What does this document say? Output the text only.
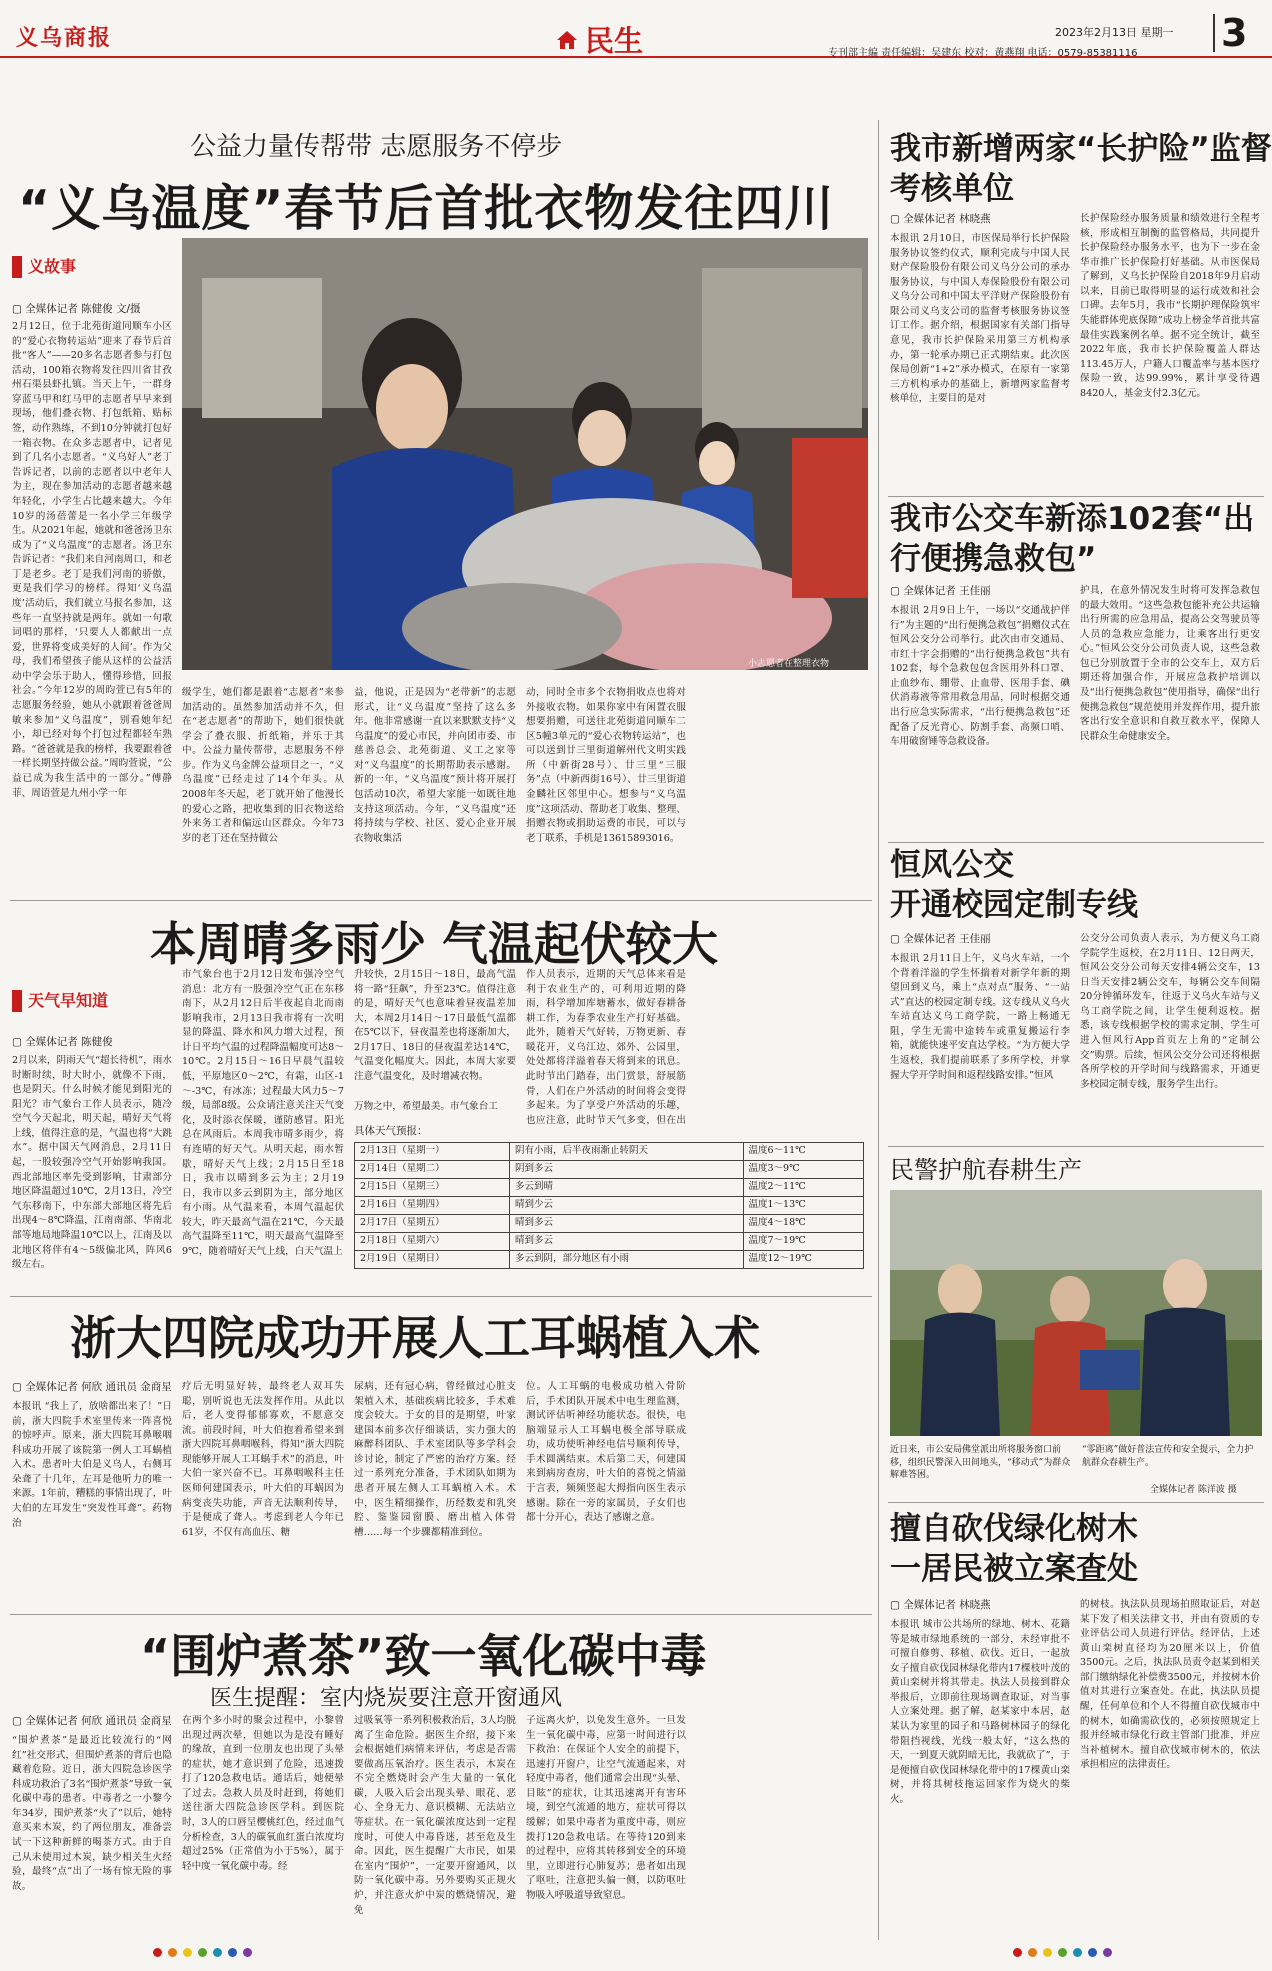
义乌商报	民生	2023年2月13日 星期一 3
专刊部主编 责任编辑：吴建东 校对：黄燕翔 电话：0579-85381116
公益力量传帮带 志愿服务不停步
“义乌温度”春节后首批衣物发往四川
义故事
▢ 全媒体记者 陈健俊 文/摄
2月12日，位于北苑街道同顺车小区的“爱心衣物转运站”迎来了春节后首批“客人”——20多名志愿者参与打包活动，100箱衣物将发往四川省甘孜州石渠县虾扎镇。当天上午，一群身穿蓝马甲和红马甲的志愿者早早来到现场，他们叠衣物、打包纸箱、贴标签，动作熟练，不到10分钟就打包好一箱衣物。在众多志愿者中，记者见到了几名小志愿者。“义乌好人”老丁告诉记者，以前的志愿者以中老年人为主，现在参加活动的志愿者越来越年轻化，小学生占比越来越大。今年10岁的汤蓓蕾是一名小学三年级学生。从2021年起，她就和爸爸汤卫东成为了“义乌温度”的志愿者。汤卫东告诉记者：“我们来自河南周口，和老丁是老乡。老丁是我们河南的骄傲，更是我们学习的榜样。得知‘义乌温度’活动后，我们就立马报名参加，这些年一直坚持就是两年。就如一句歌词唱的那样，‘只要人人都献出一点爱，世界将变成美好的人间’。作为父母，我们希望孩子能从这样的公益活动中学会乐于助人，懂得珍惜，回报社会。”今年12岁的周昀萱已有5年的志愿服务经验，她从小就跟着爸爸周敏来参加“义乌温度”，别看她年纪小，却已经对每个打包过程都轻车熟路。“爸爸就是我的榜样，我要跟着爸一样长期坚持做公益。”周昀萱说，“公益已成为我生活中的一部分。”傅静菲、周语萱是九州小学一年
小志愿者在整理衣物
级学生，她们都是跟着“志愿者”来参加活动的。虽然参加活动并不久，但在“老志愿者”的帮助下，她们很快就学会了叠衣服、折纸箱，并乐于其中。公益力量传帮带，志愿服务不停步。作为义乌金牌公益项目之一，“义乌温度”已经走过了14个年头。从2008年冬天起，老丁就开始了他漫长的爱心之路，把收集到的旧衣物送给外来务工者和偏远山区群众。今年73岁的老丁还在坚持做公
益，他说，正是因为“老带新”的志愿形式，让“义乌温度”坚持了这么多年。他非常感谢一直以来默默支持“义乌温度”的爱心市民，并向团市委、市慈善总会、北苑街道、义工之家等对“义乌温度”的长期帮助表示感谢。新的一年，“义乌温度”预计将开展打包活动10次，希望大家能一如既往地支持这项活动。今年，“义乌温度”还将持续与学校、社区、爱心企业开展衣物收集活
动，同时全市多个衣物捐收点也将对外接收衣物。如果你家中有闲置衣服想要捐赠，可送往北苑街道同顺车二区5幢3单元的“爱心衣物转运站”，也可以送到廿三里街道解州代文明实践所（中新街28号）、廿三里“三服务”点（中新西街16号）、廿三里街道金麟社区邻里中心。想参与“义乌温度”这项活动、帮助老丁收集、整理、捐赠衣物或捐助运费的市民，可以与老丁联系，手机是13615893016。
本周晴多雨少 气温起伏较大
天气早知道
▢ 全媒体记者 陈健俊
2月以来，阴雨天气“超长待机”，雨水时断时续，时大时小，就像不下雨，也是阴天。什么时候才能见到阳光的阳光？市气象台工作人员表示，随冷空气今天起北，明天起，晴好天气将上线，值得注意的是，气温也将“大跳水”。据中国天气网消息，2月11日起，一股较强冷空气开始影响我国。西北部地区率先受到影响，甘肃部分地区降温超过10℃，2月13日，冷空气东移南下，中东部大部地区将先后出现4～8℃降温，江南南部、华南北部等地局地降温10℃以上，江南及以北地区将伴有4～5级偏北风，阵风6级左右。
市气象台也于2月12日发布强冷空气消息：北方有一股强冷空气正在东移南下，从2月12日后半夜起自北而南影响我市，2月13日我市将有一次明显的降温、降水和风力增大过程，预计日平均气温的过程降温幅度可达8～10℃。2月15日～16日早晨气温较低，平原地区0～2℃，有霜，山区-1～-3℃，有冰冻；过程最大风力5～7级，局部8级。公众请注意关注天气变化，及时添衣保暖，谨防感冒。阳光总在风雨后。本周我市晴多雨少，将有连晴的好天气。从明天起，雨水暂歇，晴好天气上线；2月15日至18日，我市以晴到多云为主；2月19日，我市以多云到阴为主，部分地区有小雨。从气温来看，本周气温起伏较大，昨天最高气温在21℃，今天最高气温降至11℃，明天最高气温降至9℃，随着晴好天气上线，白天气温上
升较快，2月15日～18日，最高气温将一路“狂飙”，升至23℃。值得注意的是，晴好天气也意味着昼夜温差加大，本周2月14日～17日最低气温都在5℃以下，昼夜温差也将逐渐加大，2月17日、18日的昼夜温差达14℃，气温变化幅度大。因此，本周大家要注意气温变化，及时增减衣物。
作人员表示，近期的天气总体来看是利于农业生产的，可利用近期的降雨，科学增加库塘蓄水，做好春耕备耕工作，为春季农业生产打好基础。此外，随着天气好转，万物更新、春暖花开，义乌江边、郊外、公园里，处处都将洋溢着春天将到来的讯息。此时节出门踏春，出门赏景，舒展筋骨，人们在户外活动的时间将会变得多起来。为了享受户外活动的乐趣，也应注意，此时节天气多变，但在出
万物之中，希望最美。市气象台工
具体天气预报：
2月13日（星期一）	阴有小雨，后半夜雨渐止转阴天	温度6～11℃
2月14日（星期二）	阴到多云	温度3～9℃
2月15日（星期三）	多云到晴	温度2～11℃
2月16日（星期四）	晴到少云	温度1～13℃
2月17日（星期五）	晴到多云	温度4～18℃
2月18日（星期六）	晴到多云	温度7～19℃
2月19日（星期日）	多云到阴，部分地区有小雨	温度12～19℃
浙大四院成功开展人工耳蜗植入术
▢ 全媒体记者 何欣 通讯员 金商星
本报讯 “我上了，放啥都出来了！”日前，浙大四院手术室里传来一阵喜悦的惊呼声。原来，浙大四院耳鼻喉咽科成功开展了该院第一例人工耳蜗植入术。患者叶大伯是义乌人，右侧耳朵聋了十几年，左耳是他听力的唯一来源。1年前，糟糕的事情出现了，叶大伯的左耳发生“突发性耳聋”。药物治
疗后无明显好转，最终老人双耳失聪，别听说也无法发挥作用。从此以后，老人变得郁郁寡欢，不愿意交流。前段时间，叶大伯抱着希望来到浙大四院耳鼻咽喉科，得知“浙大四院现能够开展人工耳蜗手术”的消息，叶大伯一家兴奋不已。耳鼻咽喉科主任医师何建国表示，叶大伯的耳蜗因为病变丧失功能，声音无法顺利传导，于是便成了聋人。考虑到老人今年已61岁，不仅有高血压、糖
尿病，还有冠心病，曾经做过心脏支架植入术，基础疾病比较多，手术难度会较大。于女的目的是期望，叶家建国本前多次仔细谈话，实力强大的麻醉科团队、手术室团队等多学科会诊讨论，制定了严密的治疗方案。经过一系列充分准备，手术团队如期为患者开展左侧人工耳蜗植入术。术中，医生精细操作，历经数麦和乳突腔、鉴鉴园窗膜、磨出植入体骨槽……每一个步骤都精准到位。
位。人工耳蜗的电极成功植入骨阶后，手术团队开展术中电生理监测，测试评估听神经功能状态。很快，电脑端显示人工耳蜗电极全部导联成功，成功使听神经电信号顺利传导，手术圆满结束。术后第二天，何建国来到病房查房，叶大伯的喜悦之情溢于言表，频频竖起大拇指向医生表示感谢。除在一旁的家属员，子女们也都十分开心，表达了感谢之意。
“围炉煮茶”致一氧化碳中毒
医生提醒：室内烧炭要注意开窗通风
▢ 全媒体记者 何欣 通讯员 金商星
“围炉煮茶”是最近比较流行的“网红”社交形式，但围炉煮茶的背后也隐藏着危险。近日，浙大四院急诊医学科成功救治了3名“围炉煮茶”导致一氧化碳中毒的患者。中毒者之一小黎今年34岁，围炉煮茶“火了”以后，她特意买来木炭，约了两位朋友，准备尝试一下这种新鲜的喝茶方式。由于自己从未使用过木炭，缺少相关生火经验，最终“点”出了一场有惊无险的事故。
在两个多小时的聚会过程中，小黎曾出现过两次晕，但她以为是没有睡好的缘故，直到一位朋友也出现了头晕的症状，她才意识到了危险，迅速拨打了120急救电话。通话后，她便晕了过去。急救人员及时赶到，将她们送往浙大四院急诊医学科。到医院时，3人的口唇呈樱桃红色，经过血气分析检查，3人的碳氧血红蛋白浓度均超过25%（正常值为小于5%），属于轻中度一氧化碳中毒。经
过吸氧等一系列积极救治后，3人均脱离了生命危险。据医生介绍，接下来会根据她们病情来评估，考虑是否需要做高压氧治疗。医生表示，木炭在不完全燃烧时会产生大量的一氧化碳，人吸入后会出现头晕、眼花、恶心、全身无力、意识模糊、无法站立等症状。在一氧化碳浓度达到一定程度时，可使人中毒昏迷，甚至危及生命。因此，医生提醒广大市民，如果在室内“围炉”，一定要开窗通风，以防一氧化碳中毒。另外要购买正规火炉，并注意火炉中炭的燃烧情况，避免
子远离火炉，以免发生意外。一旦发生一氧化碳中毒，应第一时间进行以下救治：在保证个人安全的前提下，迅速打开窗户，让空气流通起来，对轻度中毒者，他们通常会出现“头晕、目眩”的症状，让其迅速离开有害环境，到空气流通的地方，症状可得以缓解；如果中毒者为重度中毒，则应拨打120急救电话。在等待120到来的过程中，应将其转移到安全的环境里，立即进行心肺复苏；患者如出现了呕吐，注意把头偏一侧，以防呕吐物吸入呼吸道导致窒息。
我市新增两家“长护险”监督考核单位
▢ 全媒体记者 林晓燕
本报讯 2月10日，市医保局举行长护保险服务协议签约仪式，顺利完成与中国人民财产保险股份有限公司义乌分公司的承办服务协议，与中国人寿保险股份有限公司义乌分公司和中国太平洋财产保险股份有限公司义乌支公司的监督考核服务协议签订工作。据介绍，根据国家有关部门指导意见，我市长护保险采用第三方机构承办，第一轮承办期已正式期结束。此次医保局创新“1+2”承办模式，在原有一家第三方机构承办的基础上，新增两家监督考核单位，主要目的是对
长护保险经办服务质量和绩效进行全程考核，形成相互制衡的监管格局，共同提升长护保险经办服务水平，也为下一步在金华市推广长护保险打好基础。从市医保局了解到，义乌长护保险自2018年9月启动以来，目前已取得明显的运行成效和社会口碑。去年5月，我市“长期护理保险筑牢失能群体兜底保障”成功上榜金华首批共富最佳实践案例名单。据不完全统计，截至2022年底，我市长护保险覆盖人群达113.45万人，户籍人口覆盖率与基本医疗保险一致，达99.99%，累计享受待遇8420人，基金支付2.3亿元。
我市公交车新添102套“出行便携急救包”
▢ 全媒体记者 王佳丽
本报讯 2月9日上午，一场以“交通战护伴行”为主题的“出行便携急救包”捐赠仪式在恒风公交分公司举行。此次由市交通局、市红十字会捐赠的“出行便携急救包”共有102套，每个急救包包含医用外科口罩、止血纱布、绷带、止血带、医用手套、碘伏消毒液等常用救急用品，同时根据交通出行应急实际需求，“出行便携急救包”还配备了反光背心、防割手套、高频口哨、车用破窗锤等急救设备。
护具，在意外情况发生时将可发挥急救包的最大效用。“这些急救包能补充公共运输出行所需的应急用品，提高公交驾驶员等人员的急救应急能力，让乘客出行更安心。”恒风公交分公司负责人说，这些急救包已分别放置于全市的公交车上，双方后期还将加强合作，开展应急救护培训以及“出行便携急救包”使用指导，确保“出行便携急救包”规范使用并发挥作用，提升旅客出行安全意识和自救互救水平，保障人民群众生命健康安全。
恒风公交
开通校园定制专线
▢ 全媒体记者 王佳丽
本报讯 2月11日上午，义乌火车站，一个个背着洋溢的学生怀揣着对新学年新的期望回到义乌，乘上“点对点”服务、“一站式”直达的校园定制专线。这专线从义乌火车站直达义乌工商学院，一路上畅通无阻，学生无需中途转车或重复搬运行李箱，就能快速平安直达学校。“为方便大学生返校，我们提前联系了多所学校，并掌握大学开学时间和返程线路安排。”恒风
公交分公司负责人表示，为方便义乌工商学院学生返校，在2月11日、12日两天，恒风公交分公司每天安排4辆公交车，13日当天安排2辆公交车，每辆公交车间隔20分钟循环发车，往返于义乌火车站与义乌工商学院之间，让学生便利返校。据悉，该专线根据学校的需求定制，学生可进入恒风行App首页左上角的“定制公交”购票。后续，恒风公交分公司还将根据各所学校的开学时间与线路需求，开通更多校园定制专线，服务学生出行。
民警护航春耕生产
近日来，市公安局佛堂派出所将服务窗口前移，组织民警深入田间地头，“移动式”为群众解难答困。
“零距离”做好普法宣传和安全提示，全力护航群众春耕生产。
全媒体记者 陈洋波 摄
擅自砍伐绿化树木
一居民被立案查处
▢ 全媒体记者 林晓燕
本报讯 城市公共场所的绿地、树木、花籍等是城市绿地系统的一部分，未经审批不可擅自修剪、移植、砍伐。近日，一起放女子擅自砍伐园林绿化带内17棵枝叶茂的黄山栾树并将其带走。执法人员接到群众举报后，立即前往现场调查取证，对当事人立案处理。据了解，赵某家中本居，赵某认为家里的园子和马路树林园子的绿化带阻挡视线，光线一般太好，“这么热的天，一到夏天就阴暗无比，我就砍了”，于是便擅自砍伐园林绿化带中的17棵黄山栾树，并将其树枝拖运回家作为烧火的柴火。
的树枝。执法队员现场拍照取证后，对赵某下发了相关法律文书，并由有资质的专业评估公司人员进行评估。经评估，上述黄山栾树直径均为20厘米以上，价值3500元。之后，执法队员责令赵某到相关部门缴纳绿化补偿费3500元，并按树木价值对其进行立案查处。在此，执法队员提醒，任何单位和个人不得擅自砍伐城市中的树木，如确需砍伐的，必须按照规定上报并经城市绿化行政主管部门批准，并应当补植树木。擅自砍伐城市树木的，依法承担相应的法律责任。
